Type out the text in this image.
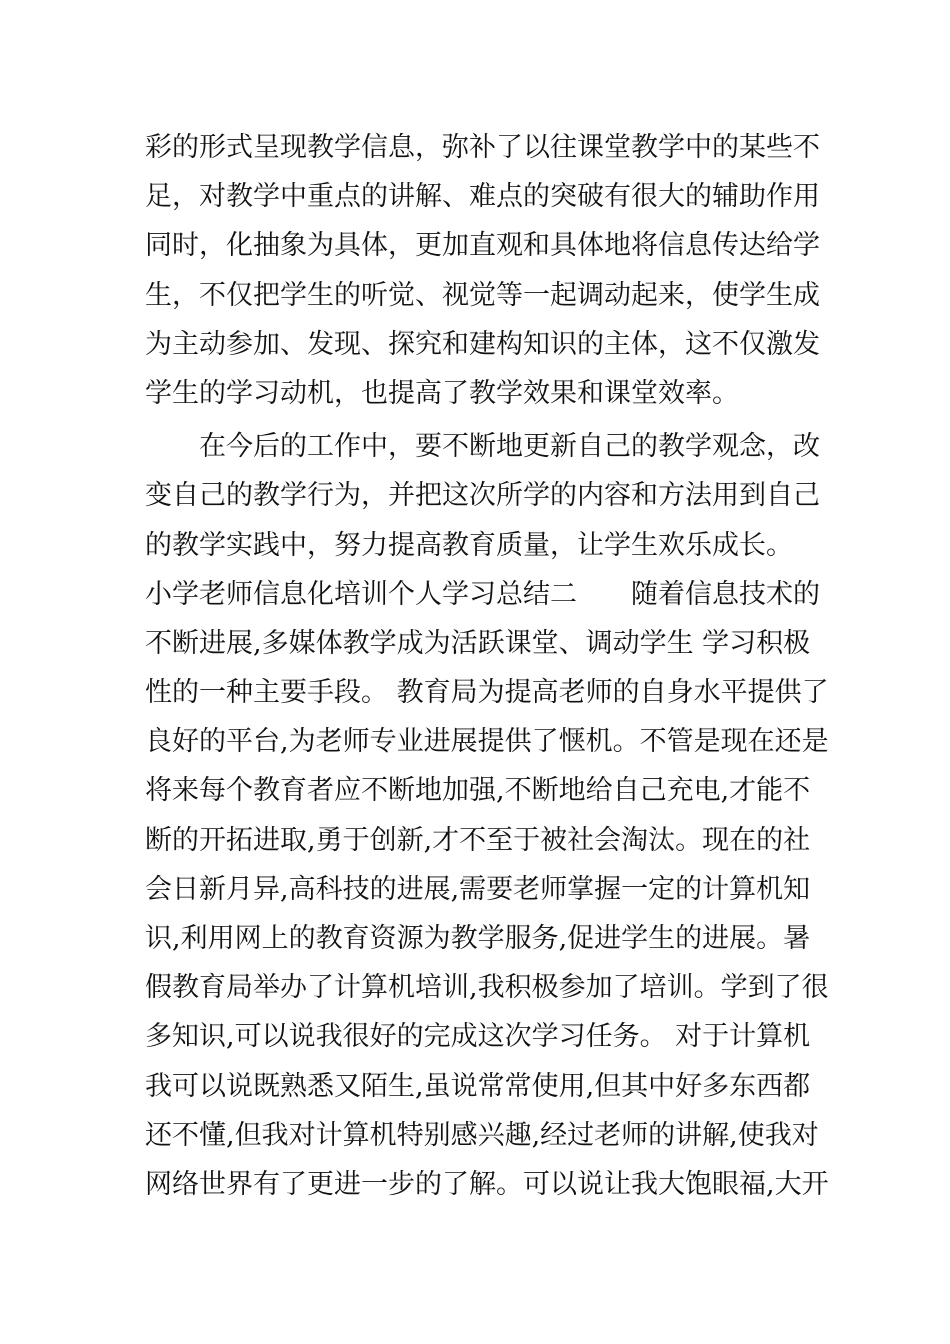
彩的形式呈现教学信息，弥补了以往课堂教学中的某些不
足，对教学中重点的讲解、难点的突破有很大的辅助作用
同时，化抽象为具体，更加直观和具体地将信息传达给学
生，不仅把学生的听觉、视觉等一起调动起来，使学生成
为主动参加、发现、探究和建构知识的主体，这不仅激发
学生的学习动机，也提高了教学效果和课堂效率。
在今后的工作中，要不断地更新自己的教学观念，改
变自己的教学行为，并把这次所学的内容和方法用到自己
的教学实践中，努力提高教育质量，让学生欢乐成长。
小学老师信息化培训个人学习总结二　　随着信息技术的
不断进展,多媒体教学成为活跃课堂、调动学生 学习积极
性的一种主要手段。 教育局为提高老师的自身水平提供了
良好的平台,为老师专业进展提供了惬机。不管是现在还是
将来每个教育者应不断地加强,不断地给自己充电,才能不
断的开拓进取,勇于创新,才不至于被社会淘汰。现在的社
会日新月异,高科技的进展,需要老师掌握一定的计算机知
识,利用网上的教育资源为教学服务,促进学生的进展。暑
假教育局举办了计算机培训,我积极参加了培训。学到了很
多知识,可以说我很好的完成这次学习任务。 对于计算机
我可以说既熟悉又陌生,虽说常常使用,但其中好多东西都
还不懂,但我对计算机特别感兴趣,经过老师的讲解,使我对
网络世界有了更进一步的了解。可以说让我大饱眼福,大开
